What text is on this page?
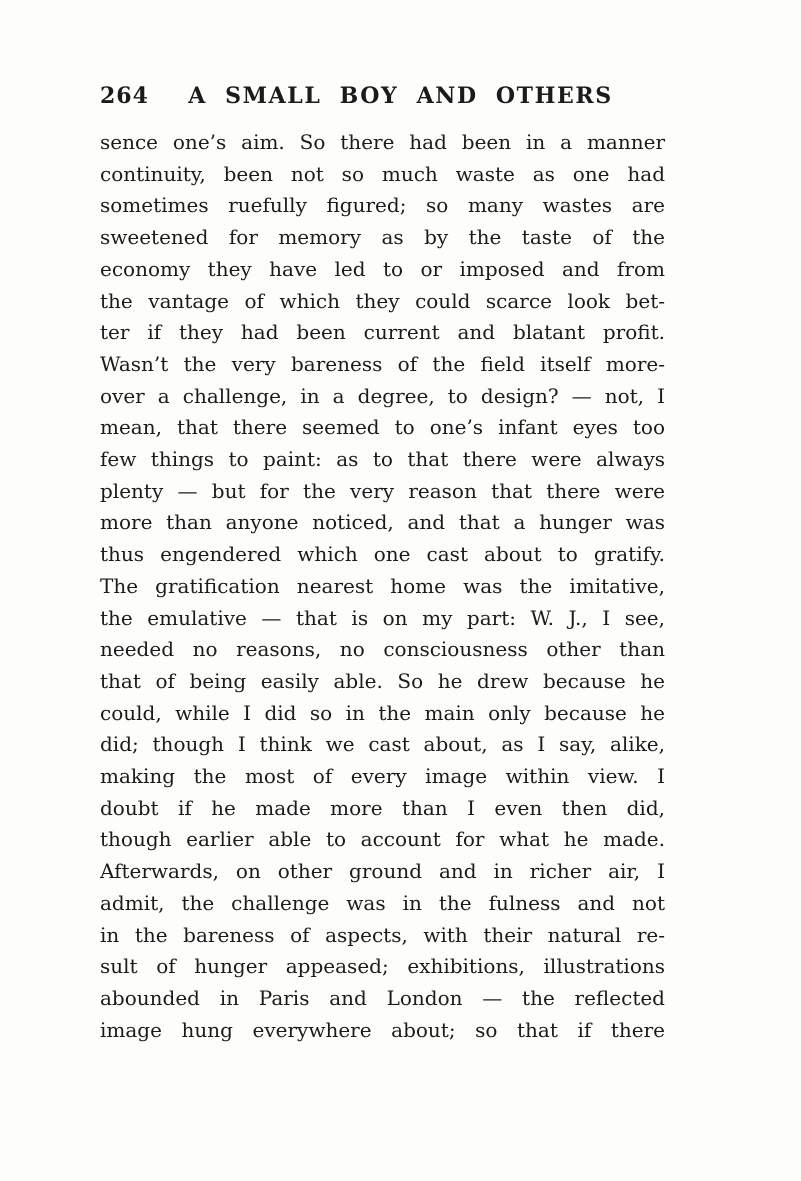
264	A SMALL BOY AND OTHERS
sence one’s aim. So there had been in a manner
continuity, been not so much waste as one had
sometimes ruefully figured; so many wastes are
sweetened for memory as by the taste of the
economy they have led to or imposed and from
the vantage of which they could scarce look bet-
ter if they had been current and blatant profit.
Wasn’t the very bareness of the field itself more-
over a challenge, in a degree, to design? — not, I
mean, that there seemed to one’s infant eyes too
few things to paint: as to that there were always
plenty — but for the very reason that there were
more than anyone noticed, and that a hunger was
thus engendered which one cast about to gratify.
The gratification nearest home was the imitative,
the emulative — that is on my part: W. J., I see,
needed no reasons, no consciousness other than
that of being easily able. So he drew because he
could, while I did so in the main only because he
did; though I think we cast about, as I say, alike,
making the most of every image within view. I
doubt if he made more than I even then did,
though earlier able to account for what he made.
Afterwards, on other ground and in richer air, I
admit, the challenge was in the fulness and not
in the bareness of aspects, with their natural re-
sult of hunger appeased; exhibitions, illustrations
abounded in Paris and London — the reflected
image hung everywhere about; so that if there
